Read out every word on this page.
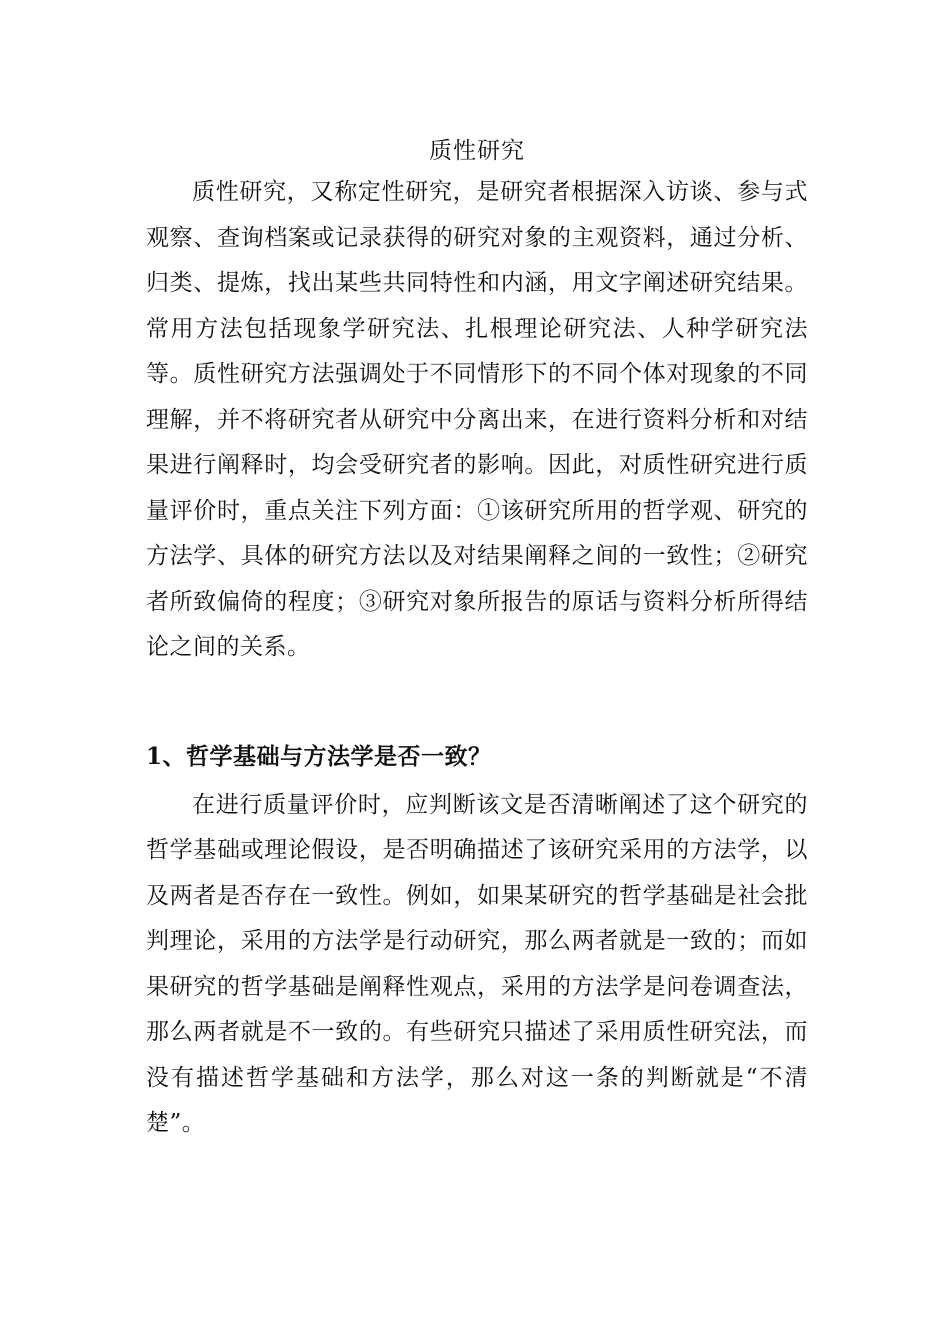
质性研究

质性研究，又称定性研究，是研究者根据深入访谈、参与式观察、查询档案或记录获得的研究对象的主观资料，通过分析、归类、提炼，找出某些共同特性和内涵，用文字阐述研究结果。常用方法包括现象学研究法、扎根理论研究法、人种学研究法等。质性研究方法强调处于不同情形下的不同个体对现象的不同理解，并不将研究者从研究中分离出来，在进行资料分析和对结果进行阐释时，均会受研究者的影响。因此，对质性研究进行质量评价时，重点关注下列方面：①该研究所用的哲学观、研究的方法学、具体的研究方法以及对结果阐释之间的一致性；②研究者所致偏倚的程度；③研究对象所报告的原话与资料分析所得结论之间的关系。

1、哲学基础与方法学是否一致？

在进行质量评价时，应判断该文是否清晰阐述了这个研究的哲学基础或理论假设，是否明确描述了该研究采用的方法学，以及两者是否存在一致性。例如，如果某研究的哲学基础是社会批判理论，采用的方法学是行动研究，那么两者就是一致的；而如果研究的哲学基础是阐释性观点，采用的方法学是问卷调查法，那么两者就是不一致的。有些研究只描述了采用质性研究法，而没有描述哲学基础和方法学，那么对这一条的判断就是“不清楚”。
